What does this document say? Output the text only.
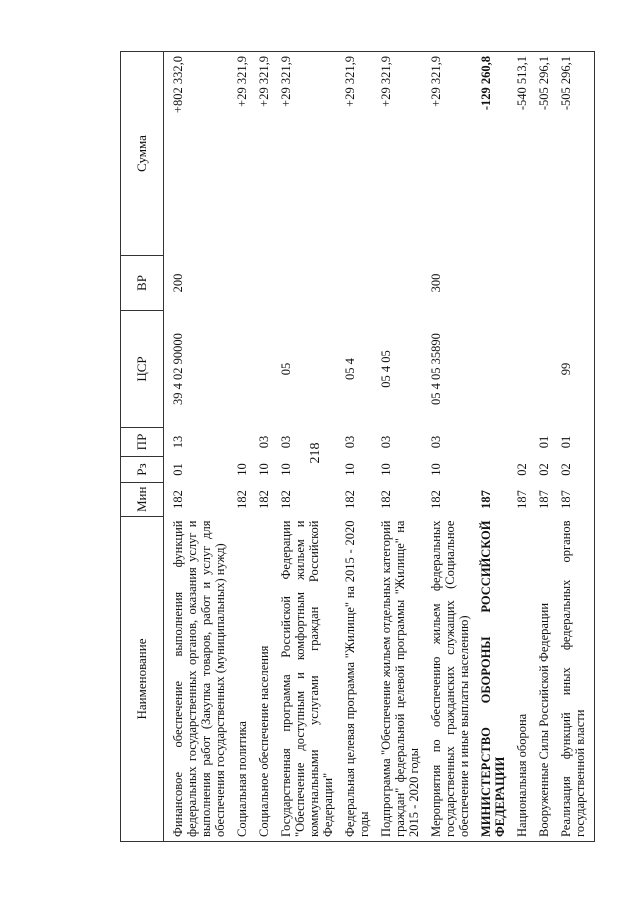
218
Наименование	Мин	Рз	ПР	ЦСР	ВР	Сумма

Финансовое обеспечение выполнения функций федеральных государственных органов, оказания услуг и выполнения работ (Закупка товаров, работ и услуг для обеспечения государственных (муниципальных) нужд)	182	01	13	39 4 02 90000	200	+802 332,0

Социальная политика	182	10				+29 321,9

Социальное обеспечение населения	182	10	03			+29 321,9

Государственная программа Российской Федерации "Обеспечение доступным и комфортным жильем и коммунальными услугами граждан Российской Федерации"	182	10	03	05		+29 321,9

Федеральная целевая программа "Жилище" на 2015 - 2020 годы	182	10	03	05 4		+29 321,9

Подпрограмма "Обеспечение жильем отдельных категорий граждан" федеральной целевой программы "Жилище" на 2015 - 2020 годы	182	10	03	05 4 05		+29 321,9

Мероприятия по обеспечению жильем федеральных государственных гражданских служащих (Социальное обеспечение и иные выплаты населению)	182	10	03	05 4 05 35890	300	+29 321,9

МИНИСТЕРСТВО ОБОРОНЫ РОССИЙСКОЙ ФЕДЕРАЦИИ	187					-129 260,8

Национальная оборона	187	02				-540 513,1

Вооруженные Силы Российской Федерации	187	02	01			-505 296,1

Реализация функций иных федеральных органов государственной власти	187	02	01	99		-505 296,1
